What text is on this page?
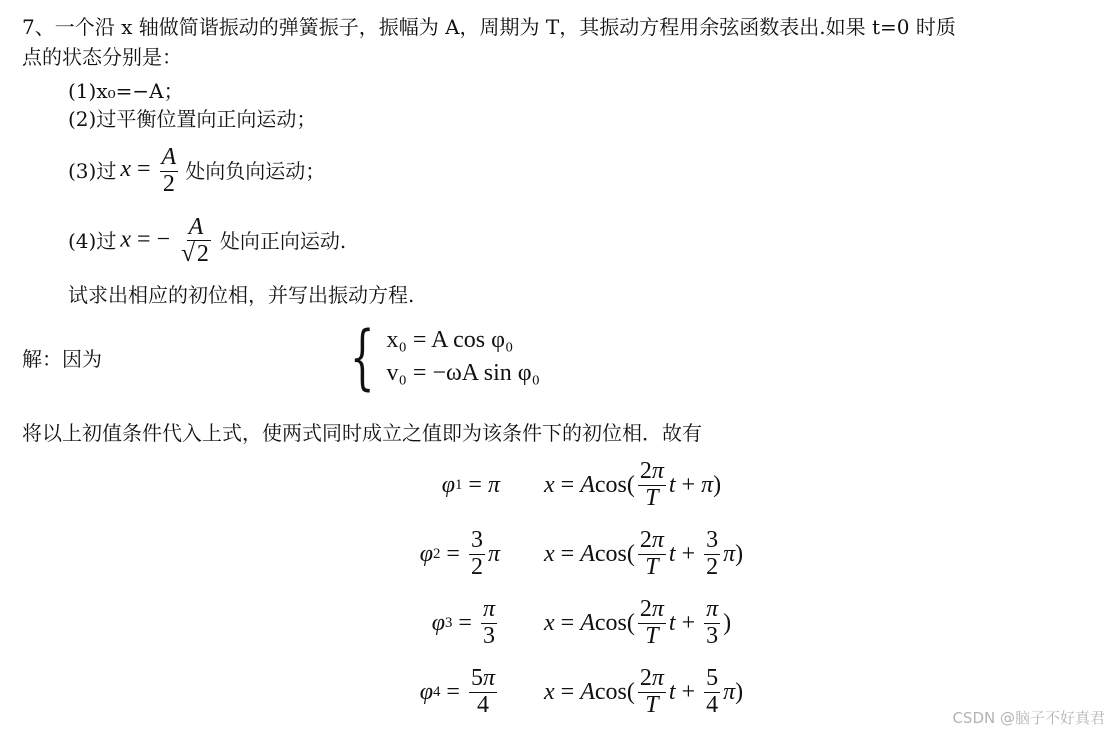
7、一个沿 x 轴做简谐振动的弹簧振子，振幅为 A，周期为 T，其振动方程用余弦函数表出.如果 t=0 时质
点的状态分别是：
(1)x₀=−A；
(2)过平衡位置向正向运动；
(3) 过 $x = \frac{A}{2}$ 处向负向运动；
(4) 过 x = − $\frac{A}{√2}$ 处向正向运动.
试求出相应的初位相，并写出振动方程.
解：因为	{ x₀ = A cos φ₀
v₀ = −ωA sin φ₀
将以上初值条件代入上式，使两式同时成立之值即为该条件下的初位相．故有
φ 1 = π x = A $\cos( \frac{2\pi}{T}$ t + π )
φ $2 = \frac{3}{2}$ π x = A $\cos( \frac{2\pi}{T}$ $t + \frac{3}{2}$ π )
φ $3 = \frac{\pi}{3}$ x = A $\cos( \frac{2\pi}{T}$ $t + \frac{\pi}{3}$ )
φ $4 = \frac{5\pi}{4}$ x = A $\cos( \frac{2\pi}{T}$ $t + \frac{5}{4}$ π )
CSDN @脑子不好真君
